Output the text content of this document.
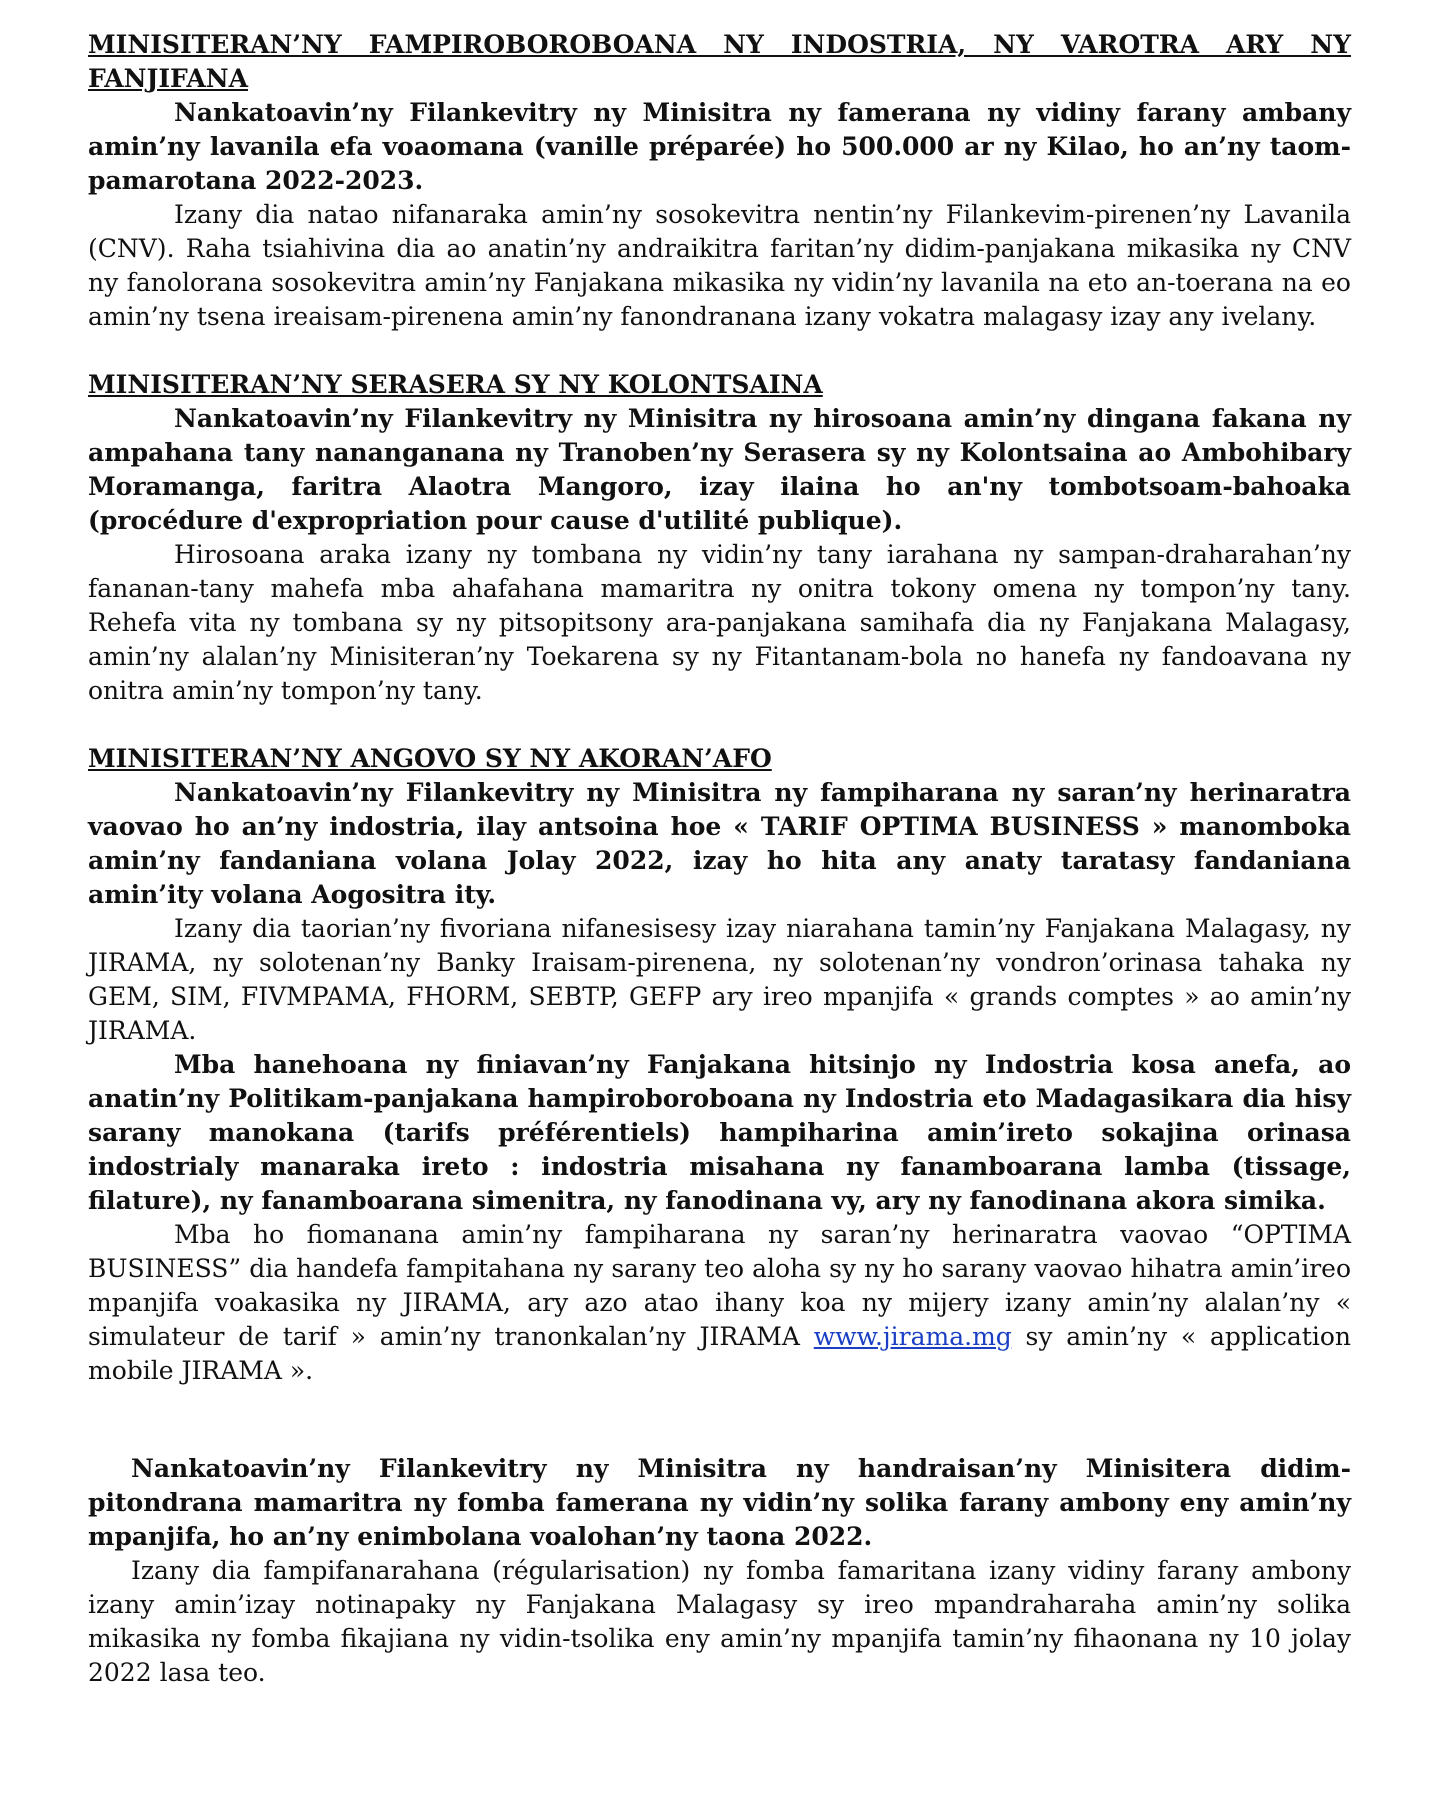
MINISITERAN’NY FAMPIROBOROBOANA NY INDOSTRIA, NY VAROTRA ARY NY FANJIFANA

Nankatoavin’ny Filankevitry ny Minisitra ny famerana ny vidiny farany ambany amin’ny lavanila efa voaomana (vanille préparée) ho 500.000 ar ny Kilao, ho an’ny taom-pamarotana 2022-2023.

Izany dia natao nifanaraka amin’ny sosokevitra nentin’ny Filankevim-pirenen’ny Lavanila (CNV). Raha tsiahivina dia ao anatin’ny andraikitra faritan’ny didim-panjakana mikasika ny CNV ny fanolorana sosokevitra amin’ny Fanjakana mikasika ny vidin’ny lavanila na eto an-toerana na eo amin’ny tsena ireaisam-pirenena amin’ny fanondranana izany vokatra malagasy izay any ivelany.

MINISITERAN’NY SERASERA SY NY KOLONTSAINA

Nankatoavin’ny Filankevitry ny Minisitra ny hirosoana amin’ny dingana fakana ny ampahana tany nananganana ny Tranoben’ny Serasera sy ny Kolontsaina ao Ambohibary Moramanga, faritra Alaotra Mangoro, izay ilaina ho an'ny tombotsoam-bahoaka (procédure d'expropriation pour cause d'utilité publique).

Hirosoana araka izany ny tombana ny vidin’ny tany iarahana ny sampan-draharahan’ny fananan-tany mahefa mba ahafahana mamaritra ny onitra tokony omena ny tompon’ny tany. Rehefa vita ny tombana sy ny pitsopitsony ara-panjakana samihafa dia ny Fanjakana Malagasy, amin’ny alalan’ny Minisiteran’ny Toekarena sy ny Fitantanam-bola no hanefa ny fandoavana ny onitra amin’ny tompon’ny tany.

MINISITERAN’NY ANGOVO SY NY AKORAN’AFO

Nankatoavin’ny Filankevitry ny Minisitra ny fampiharana ny saran’ny herinaratra vaovao ho an’ny indostria, ilay antsoina hoe « TARIF OPTIMA BUSINESS » manomboka amin’ny fandaniana volana Jolay 2022, izay ho hita any anaty taratasy fandaniana amin’ity volana Aogositra ity.

Izany dia taorian’ny fivoriana nifanesisesy izay niarahana tamin’ny Fanjakana Malagasy, ny JIRAMA, ny solotenan’ny Banky Iraisam-pirenena, ny solotenan’ny vondron’orinasa tahaka ny GEM, SIM, FIVMPAMA, FHORM, SEBTP, GEFP ary ireo mpanjifa « grands comptes » ao amin’ny JIRAMA.

Mba hanehoana ny finiavan’ny Fanjakana hitsinjo ny Indostria kosa anefa, ao anatin’ny Politikam-panjakana hampiroboroboana ny Indostria eto Madagasikara dia hisy sarany manokana (tarifs préférentiels) hampiharina amin’ireto sokajina orinasa indostrialy manaraka ireto : indostria misahana ny fanamboarana lamba (tissage, filature), ny fanamboarana simenitra, ny fanodinana vy, ary ny fanodinana akora simika.

Mba ho fiomanana amin’ny fampiharana ny saran’ny herinaratra vaovao “OPTIMA BUSINESS” dia handefa fampitahana ny sarany teo aloha sy ny ho sarany vaovao hihatra amin’ireo mpanjifa voakasika ny JIRAMA, ary azo atao ihany koa ny mijery izany amin’ny alalan’ny « simulateur de tarif » amin’ny tranonkalan’ny JIRAMA www.jirama.mg sy amin’ny « application mobile JIRAMA ».

Nankatoavin’ny Filankevitry ny Minisitra ny handraisan’ny Minisitera didim-pitondrana mamaritra ny fomba famerana ny vidin’ny solika farany ambony eny amin’ny mpanjifa, ho an’ny enimbolana voalohan’ny taona 2022.

Izany dia fampifanarahana (régularisation) ny fomba famaritana izany vidiny farany ambony izany amin’izay notinapaky ny Fanjakana Malagasy sy ireo mpandraharaha amin’ny solika mikasika ny fomba fikajiana ny vidin-tsolika eny amin’ny mpanjifa tamin’ny fihaonana ny 10 jolay 2022 lasa teo.
